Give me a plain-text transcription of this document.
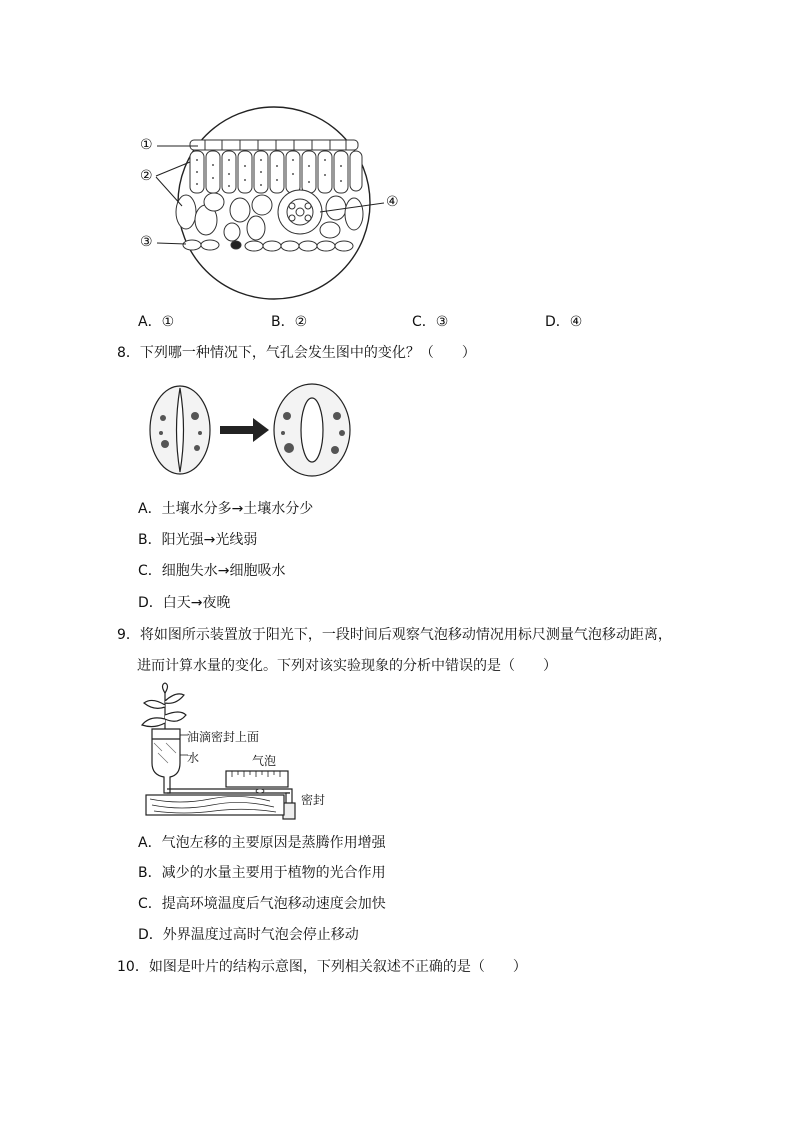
①
②
③
④
A．①	B．②	C．③	D．④
8．下列哪一种情况下，气孔会发生图中的变化？（　　）
A．土壤水分多→土壤水分少
B．阳光强→光线弱
C．细胞失水→细胞吸水
D．白天→夜晚
9．将如图所示装置放于阳光下，一段时间后观察气泡移动情况用标尺测量气泡移动距离，
进而计算水量的变化。下列对该实验现象的分析中错误的是（　　）
油滴密封上面
水	气泡
密封
A．气泡左移的主要原因是蒸腾作用增强
B．减少的水量主要用于植物的光合作用
C．提高环境温度后气泡移动速度会加快
D．外界温度过高时气泡会停止移动
10．如图是叶片的结构示意图，下列相关叙述不正确的是（　　）
